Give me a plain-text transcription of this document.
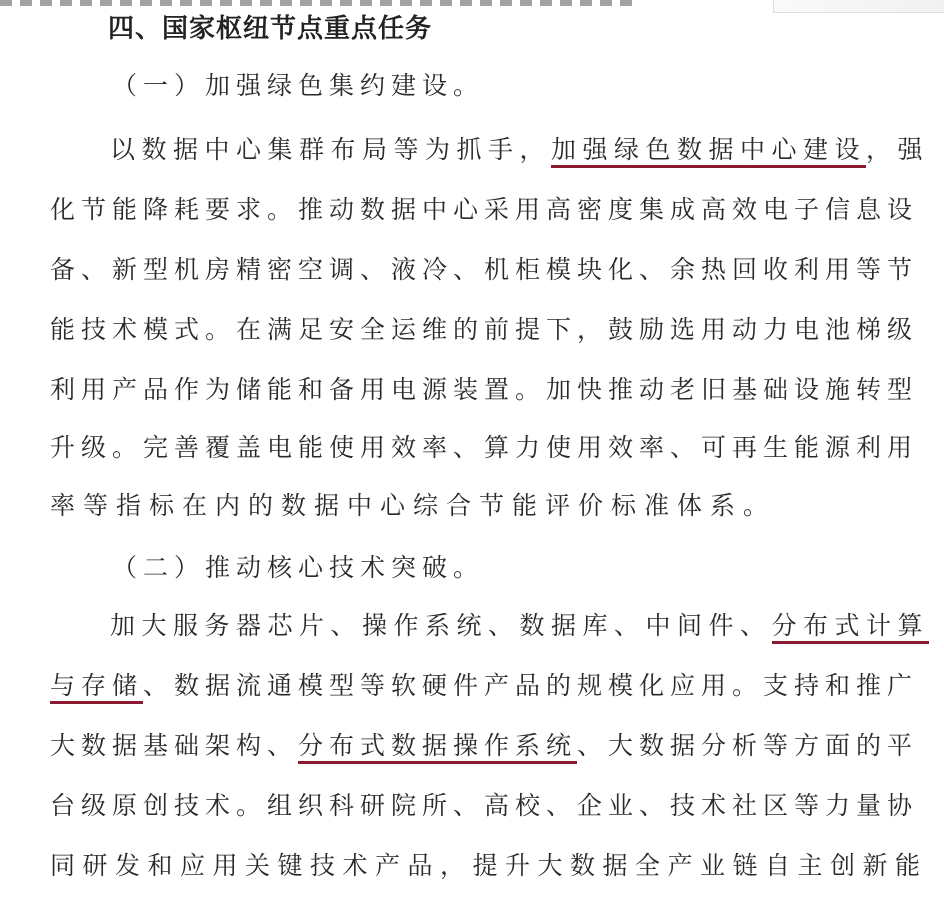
四、国家枢纽节点重点任务
（一）加强绿色集约建设。
以数据中心集群布局等为抓手，加强绿色数据中心建设，强
化节能降耗要求。推动数据中心采用高密度集成高效电子信息设
备、新型机房精密空调、液冷、机柜模块化、余热回收利用等节
能技术模式。在满足安全运维的前提下，鼓励选用动力电池梯级
利用产品作为储能和备用电源装置。加快推动老旧基础设施转型
升级。完善覆盖电能使用效率、算力使用效率、可再生能源利用
率等指标在内的数据中心综合节能评价标准体系。
（二）推动核心技术突破。
加大服务器芯片、操作系统、数据库、中间件、分布式计算
与存储、数据流通模型等软硬件产品的规模化应用。支持和推广
大数据基础架构、分布式数据操作系统、大数据分析等方面的平
台级原创技术。组织科研院所、高校、企业、技术社区等力量协
同研发和应用关键技术产品，提升大数据全产业链自主创新能
